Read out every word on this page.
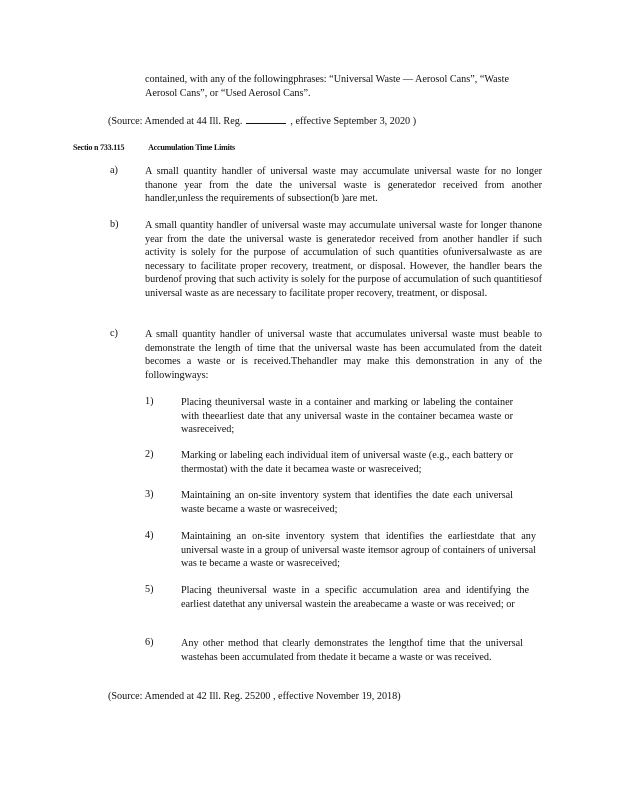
contained, with any of the followingphrases: “Universal Waste — Aerosol Cans”, “Waste Aerosol Cans”, or “Used Aerosol Cans”.

(Source: Amended at 44 Ill. Reg.	, effective September 3, 2020 )

Sectio n 733.115	Accumulation Time Limits
a)	A small quantity handler of universal waste may accumulate universal waste for no longer thanone year from the date the universal waste is generatedor received from another handler,unless the requirements of subsection(b )are met.
b)	A small quantity handler of universal waste may accumulate universal waste for longer thanone year from the date the universal waste is generatedor received from another handler if such activity is solely for the purpose of accumulation of such quantities ofuniversalwaste as are necessary to facilitate proper recovery, treatment, or disposal. However, the handler bears the burdenof proving that such activity is solely for the purpose of accumulation of such quantitiesof universal waste as are necessary to facilitate proper recovery, treatment, or disposal.
c)	A small quantity handler of universal waste that accumulates universal waste must beable to demonstrate the length of time that the universal waste has been accumulated from the dateit becomes a waste or is received.Thehandler may make this demonstration in any of the followingways:
1)	Placing theuniversal waste in a container and marking or labeling the container with theearliest date that any universal waste in the container becamea waste or wasreceived;
2)	Marking or labeling each individual item of universal waste (e.g., each battery or thermostat) with the date it becamea waste or wasreceived;
3)	Maintaining an on-site inventory system that identifies the date each universal waste became a waste or wasreceived;
4)	Maintaining an on-site inventory system that identifies the earliestdate that any universal waste in a group of universal waste itemsor agroup of containers of universal was te became a waste or wasreceived;
5)	Placing theuniversal waste in a specific accumulation area and identifying the earliest datethat any universal wastein the areabecame a waste or was received; or
6)	Any other method that clearly demonstrates the lengthof time that the universal wastehas been accumulated from thedate it became a waste or was received.

(Source: Amended at 42 Ill. Reg. 25200 , effective November 19, 2018)
